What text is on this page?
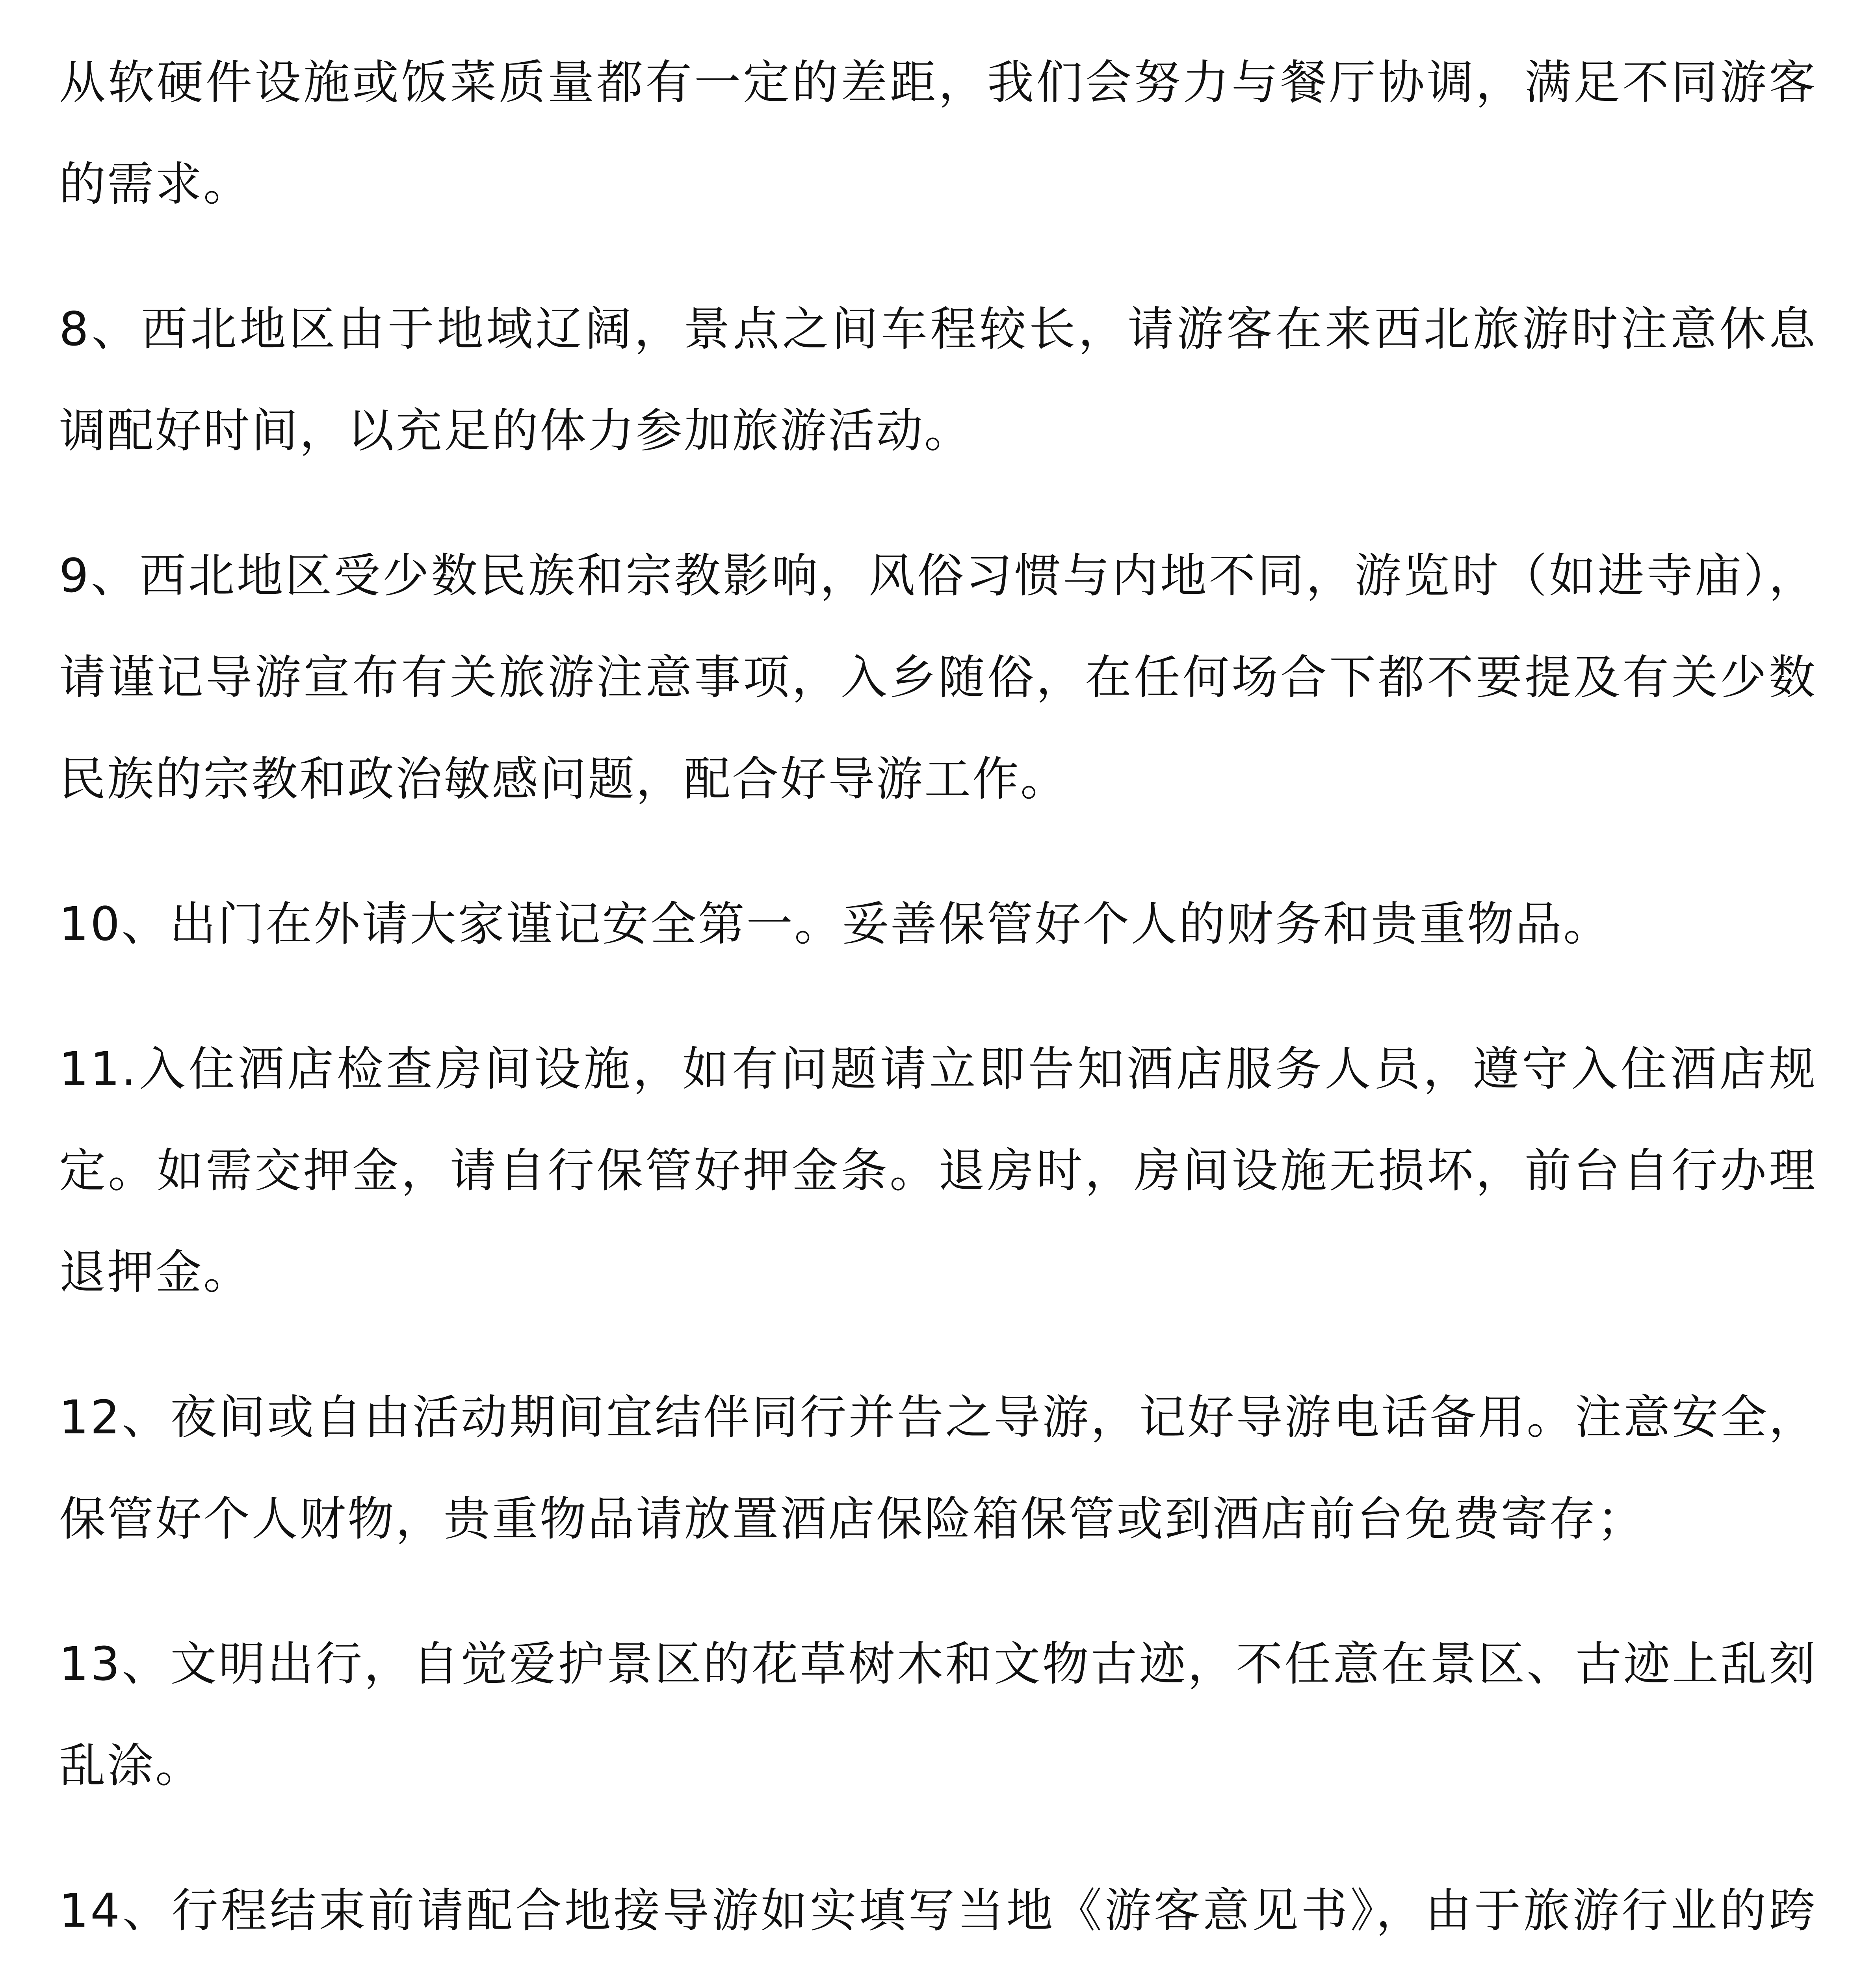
从软硬件设施或饭菜质量都有一定的差距，我们会努力与餐厅协调，满足不同游客的需求。

8、西北地区由于地域辽阔，景点之间车程较长，请游客在来西北旅游时注意休息调配好时间，以充足的体力参加旅游活动。

9、西北地区受少数民族和宗教影响，风俗习惯与内地不同，游览时（如进寺庙），请谨记导游宣布有关旅游注意事项，入乡随俗，在任何场合下都不要提及有关少数民族的宗教和政治敏感问题，配合好导游工作。

10、出门在外请大家谨记安全第一。妥善保管好个人的财务和贵重物品。

11.入住酒店检查房间设施，如有问题请立即告知酒店服务人员，遵守入住酒店规定。如需交押金，请自行保管好押金条。退房时，房间设施无损坏，前台自行办理退押金。

12、夜间或自由活动期间宜结伴同行并告之导游，记好导游电话备用。注意安全，保管好个人财物，贵重物品请放置酒店保险箱保管或到酒店前台免费寄存；

13、文明出行，自觉爱护景区的花草树木和文物古迹，不任意在景区、古迹上乱刻乱涂。

14、行程结束前请配合地接导游如实填写当地《游客意见书》，由于旅游行业的跨
